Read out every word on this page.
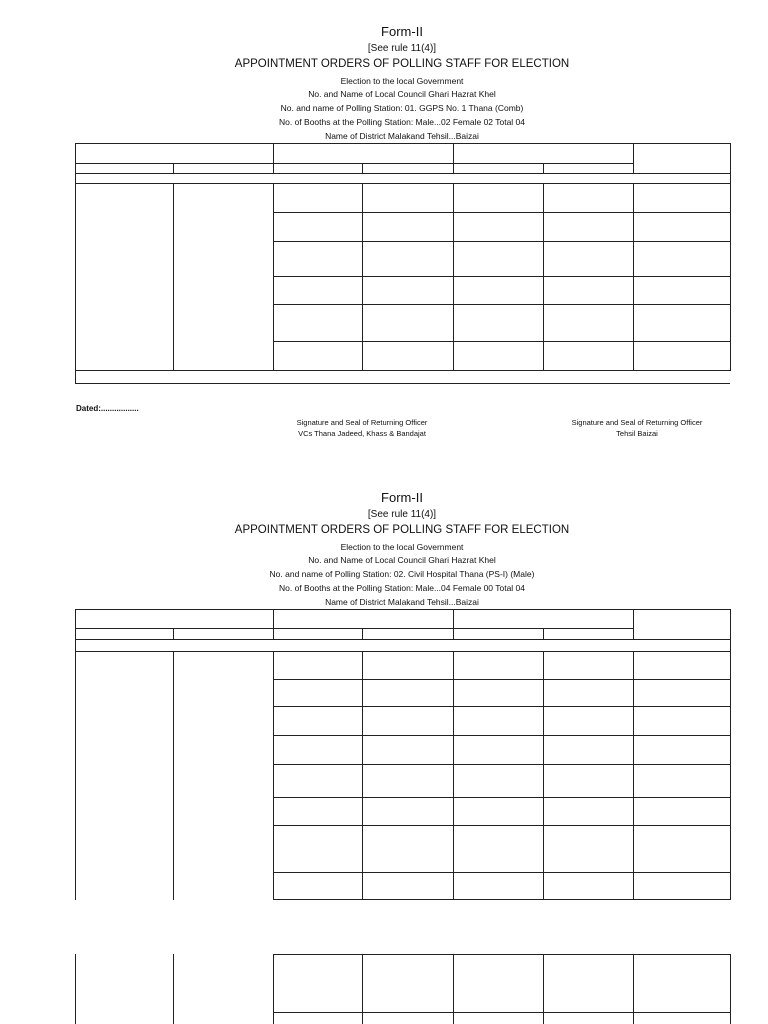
Form-II
[See rule 11(4)]
APPOINTMENT ORDERS OF POLLING STAFF FOR ELECTION
Election to the local Government
No. and Name of Local Council Ghari Hazrat Khel
No. and name of Polling Station: 01. GGPS No. 1 Thana (Comb)
No. of Booths at the Polling Station: Male...02 Female 02 Total 04
Name of District Malakand Tehsil...Baizai
Dated:.................
Signature and Seal of Returning Officer
VCs Thana Jadeed, Khass & Bandajat
Signature and Seal of Returning Officer
Tehsil Baizai
Form-II
[See rule 11(4)]
APPOINTMENT ORDERS OF POLLING STAFF FOR ELECTION
Election to the local Government
No. and Name of Local Council Ghari Hazrat Khel
No. and name of Polling Station: 02. Civil Hospital Thana (PS-I) (Male)
No. of Booths at the Polling Station: Male...04 Female 00 Total 04
Name of District Malakand Tehsil...Baizai
